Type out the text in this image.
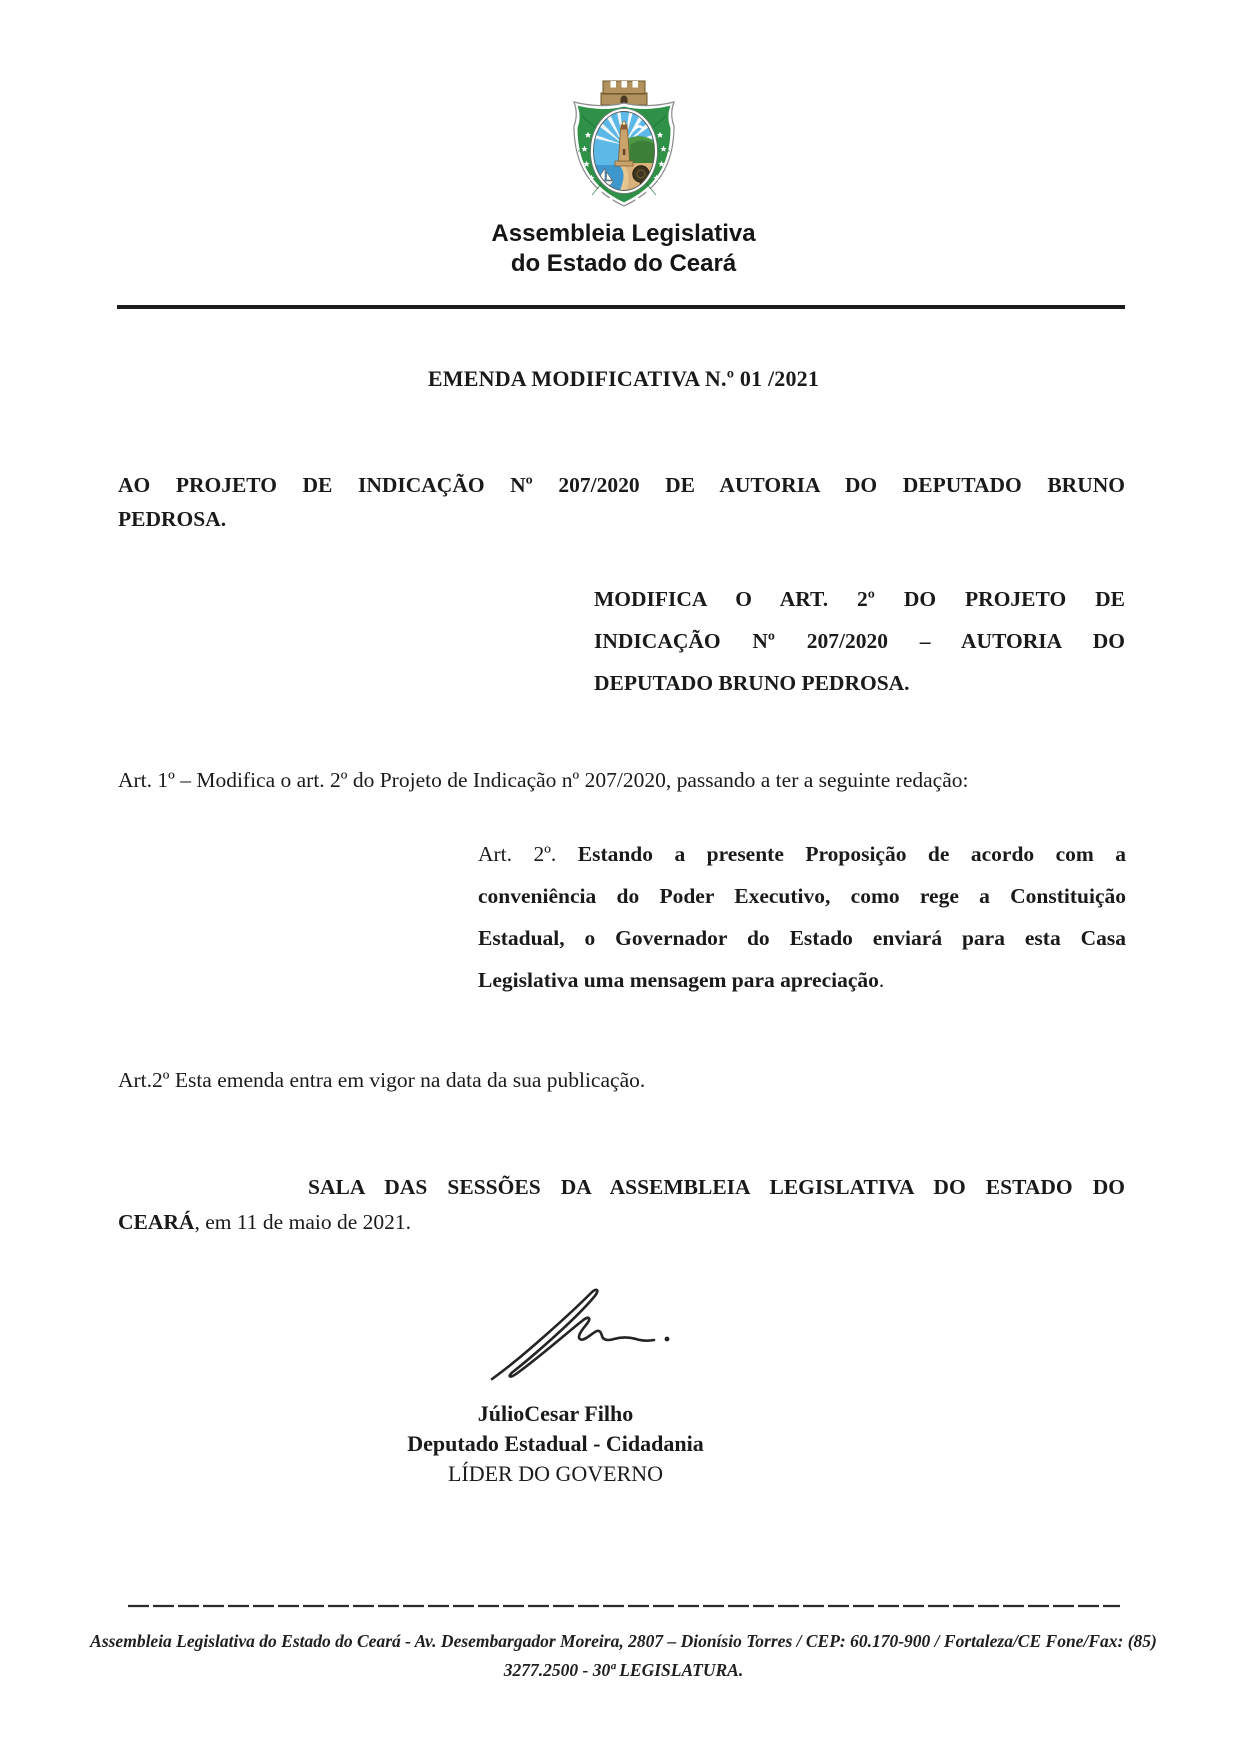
Assembleia Legislativa
do Estado do Ceará
EMENDA MODIFICATIVA N.º 01 /2021
AO PROJETO DE INDICAÇÃO Nº 207/2020 DE AUTORIA DO DEPUTADO BRUNO
PEDROSA.
MODIFICA O ART. 2º DO PROJETO DE
INDICAÇÃO Nº 207/2020 – AUTORIA DO
DEPUTADO BRUNO PEDROSA.
Art. 1º – Modifica o art. 2º do Projeto de Indicação nº 207/2020, passando a ter a seguinte redação:
Art. 2º. Estando a presente Proposição de acordo com a
conveniência do Poder Executivo, como rege a Constituição
Estadual, o Governador do Estado enviará para esta Casa
Legislativa uma mensagem para apreciação.
Art.2º Esta emenda entra em vigor na data da sua publicação.
SALA DAS SESSÕES DA ASSEMBLEIA LEGISLATIVA DO ESTADO DO
CEARÁ, em 11 de maio de 2021.
JúlioCesar Filho
Deputado Estadual - Cidadania
LÍDER DO GOVERNO
Assembleia Legislativa do Estado do Ceará - Av. Desembargador Moreira, 2807 – Dionísio Torres / CEP: 60.170-900 / Fortaleza/CE Fone/Fax: (85)
3277.2500 - 30ª LEGISLATURA.
